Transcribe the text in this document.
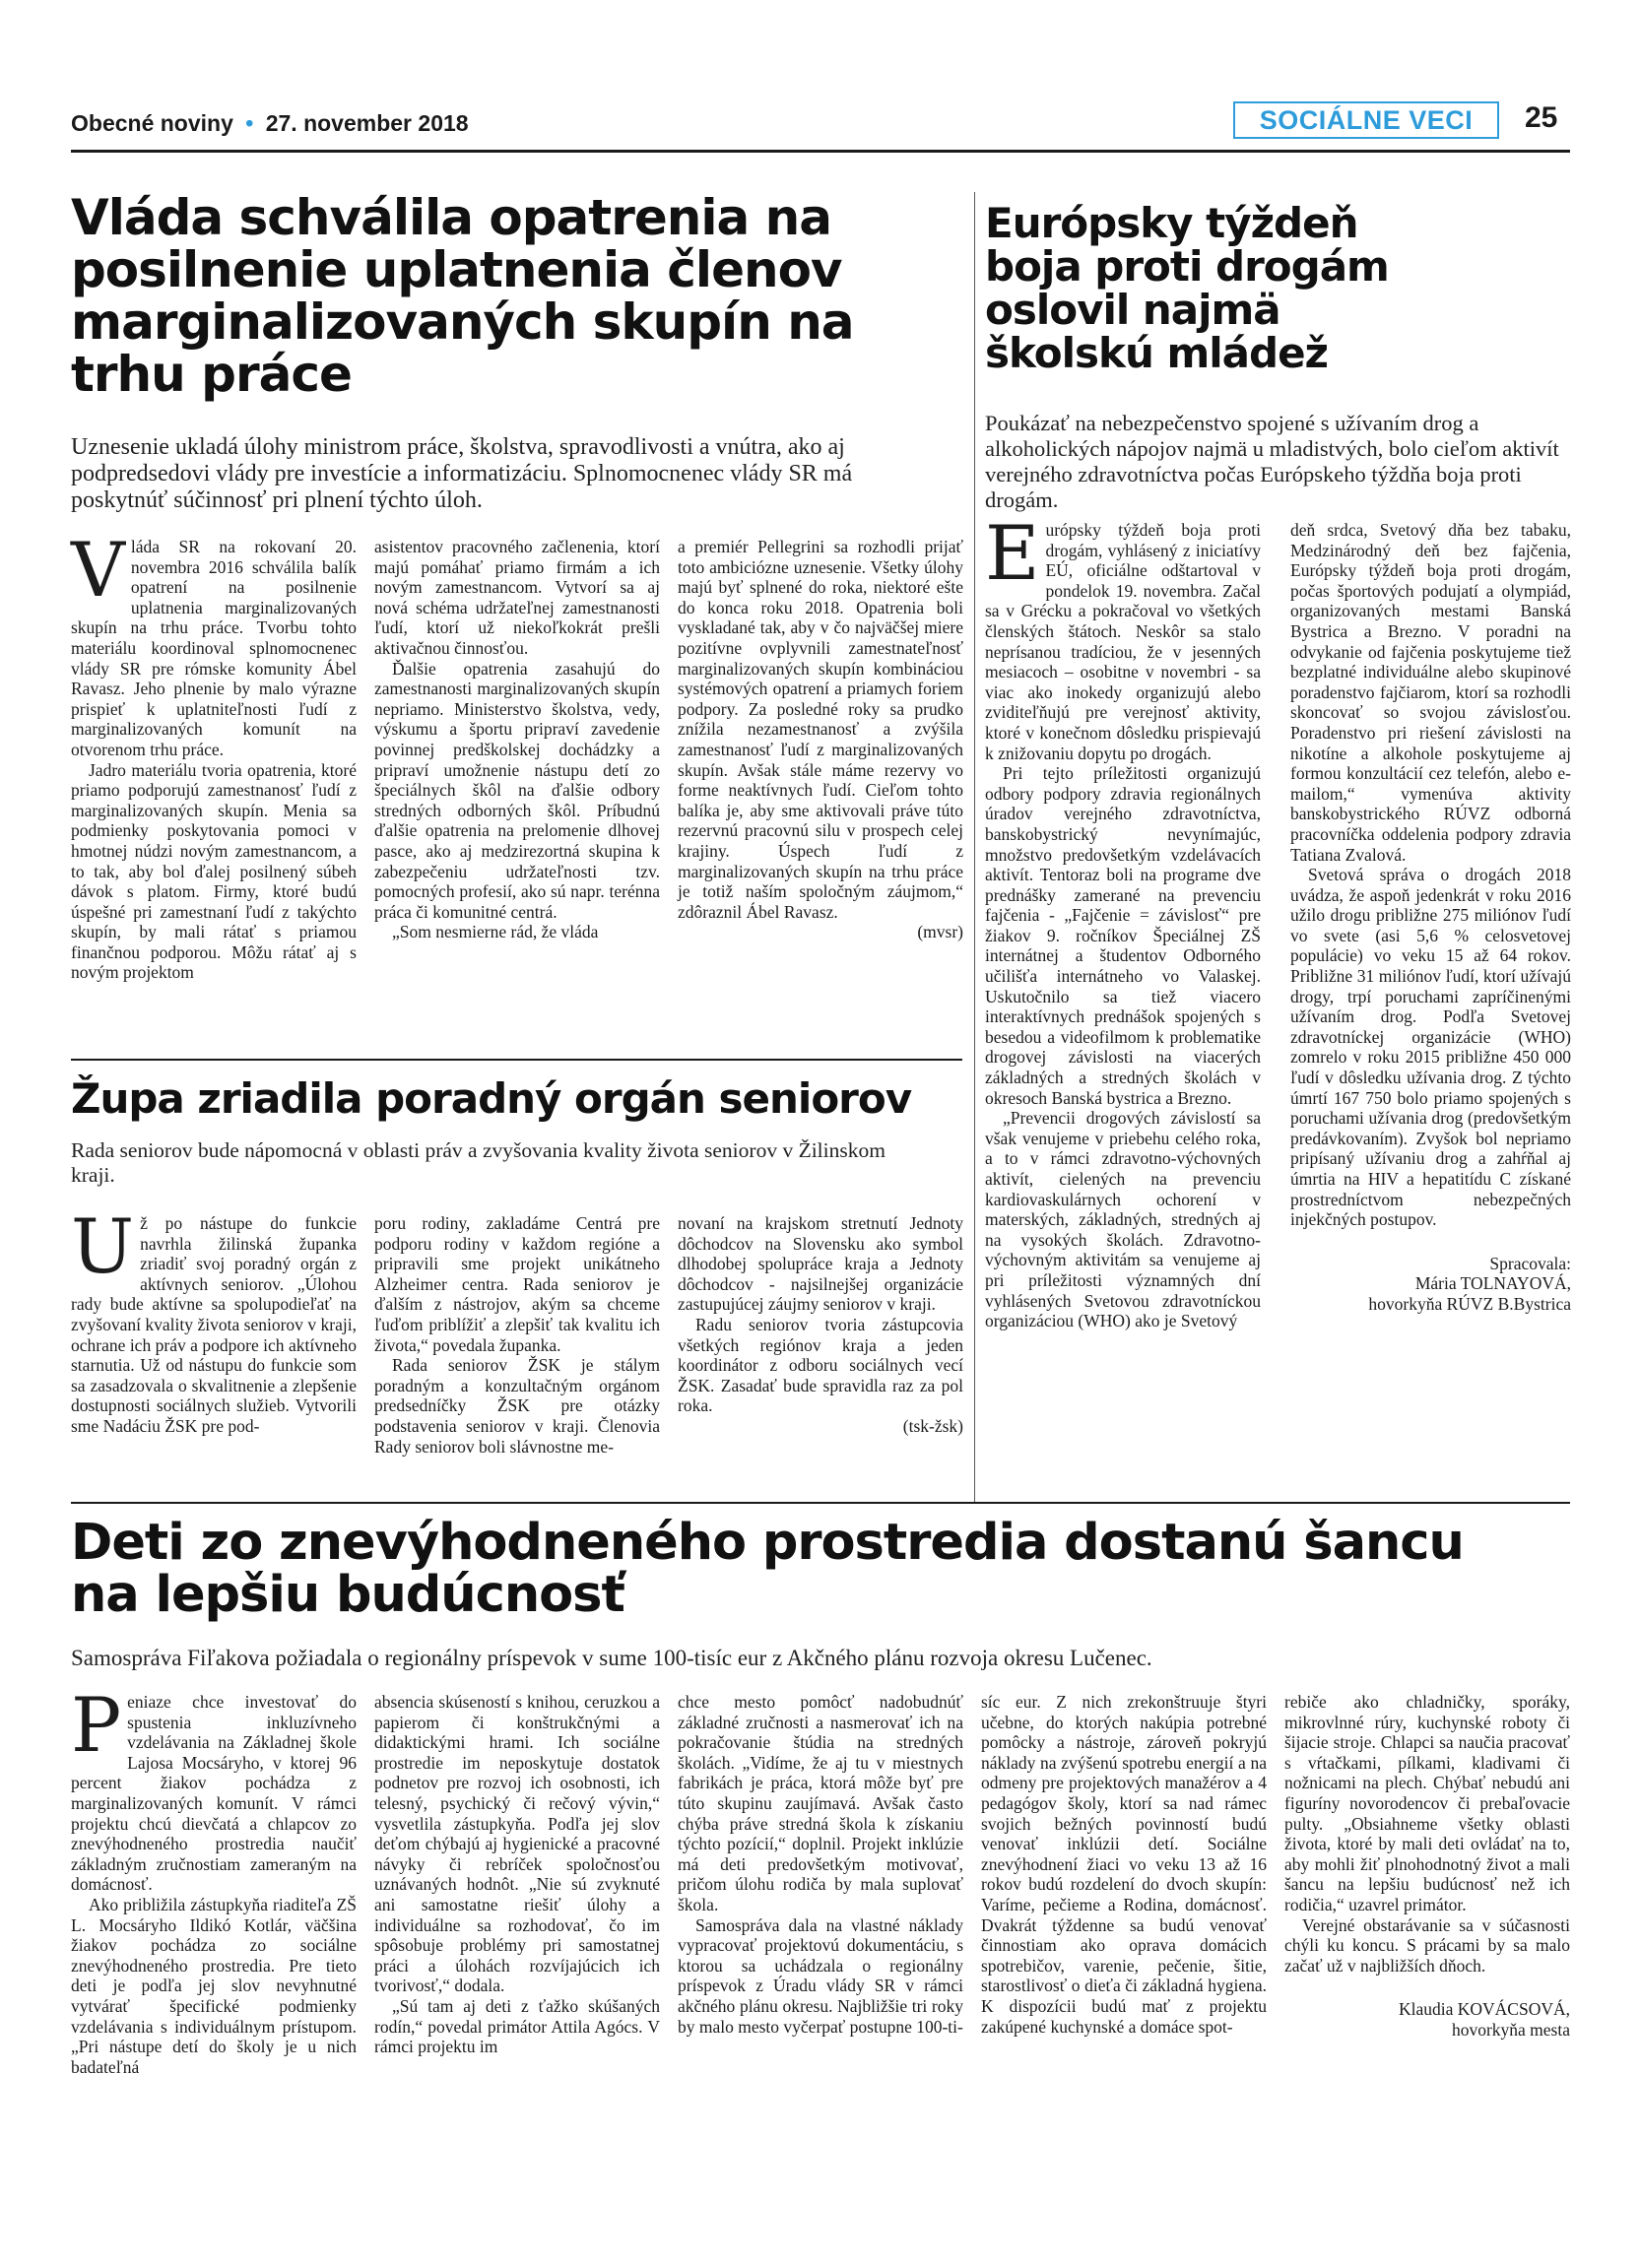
Obecné noviny • 27. november 2018	SOCIÁLNE VECI	25
Vláda schválila opatrenia na posilnenie uplatnenia členov marginalizovaných skupín na trhu práce

Uznesenie ukladá úlohy ministrom práce, školstva, spravodlivosti a vnútra, ako aj podpredsedovi vlády pre investície a informatizáciu. Splnomocnenec vlády SR má poskytnúť súčinnosť pri plnení týchto úloh.

Vláda SR na rokovaní 20. novembra 2016 schválila balík opatrení na posilnenie uplatnenia marginalizovaných skupín na trhu práce. Tvorbu tohto materiálu koordinoval splnomocnenec vlády SR pre rómske komunity Ábel Ravasz. Jeho plnenie by malo výrazne prispieť k uplatniteľnosti ľudí z marginalizovaných komunít na otvorenom trhu práce.

Jadro materiálu tvoria opatrenia, ktoré priamo podporujú zamestnanosť ľudí z marginalizovaných skupín. Menia sa podmienky poskytovania pomoci v hmotnej núdzi novým zamestnancom, a to tak, aby bol ďalej posilnený súbeh dávok s platom. Firmy, ktoré budú úspešné pri zamestnaní ľudí z takýchto skupín, by mali rátať s priamou finančnou podporou. Môžu rátať aj s novým projektom

asistentov pracovného začlenenia, ktorí majú pomáhať priamo firmám a ich novým zamestnancom. Vytvorí sa aj nová schéma udržateľnej zamestnanosti ľudí, ktorí už niekoľkokrát prešli aktivačnou činnosťou.

Ďalšie opatrenia zasahujú do zamestnanosti marginalizovaných skupín nepriamo. Ministerstvo školstva, vedy, výskumu a športu pripraví zavedenie povinnej predškolskej dochádzky a pripraví umožnenie nástupu detí zo špeciálnych škôl na ďalšie odbory stredných odborných škôl. Príbudnú ďalšie opatrenia na prelomenie dlhovej pasce, ako aj medzirezortná skupina k zabezpečeniu udržateľnosti tzv. pomocných profesií, ako sú napr. terénna práca či komunitné centrá.

„Som nesmierne rád, že vláda

a premiér Pellegrini sa rozhodli prijať toto ambiciózne uznesenie. Všetky úlohy majú byť splnené do roka, niektoré ešte do konca roku 2018. Opatrenia boli vyskladané tak, aby v čo najväčšej miere pozitívne ovplyvnili zamestnateľnosť marginalizovaných skupín kombináciou systémových opatrení a priamych foriem podpory. Za posledné roky sa prudko znížila nezamestnanosť a zvýšila zamestnanosť ľudí z marginalizovaných skupín. Avšak stále máme rezervy vo forme neaktívnych ľudí. Cieľom tohto balíka je, aby sme aktivovali práve túto rezervnú pracovnú silu v prospech celej krajiny. Úspech ľudí z marginalizovaných skupín na trhu práce je totiž naším spoločným záujmom,“ zdôraznil Ábel Ravasz.

(mvsr)

Európsky týždeň boja proti drogám oslovil najmä školskú mládež

Poukázať na nebezpečenstvo spojené s užívaním drog a alkoholických nápojov najmä u mladistvých, bolo cieľom aktivít verejného zdravotníctva počas Európskeho týždňa boja proti drogám.

Európsky týždeň boja proti drogám, vyhlásený z iniciatívy EÚ, oficiálne odštartoval v pondelok 19. novembra. Začal sa v Grécku a pokračoval vo všetkých členských štátoch. Neskôr sa stalo neprísanou tradíciou, že v jesenných mesiacoch – osobitne v novembri - sa viac ako inokedy organizujú alebo zviditeľňujú pre verejnosť aktivity, ktoré v konečnom dôsledku prispievajú k znižovaniu dopytu po drogách.

Pri tejto príležitosti organizujú odbory podpory zdravia regionálnych úradov verejného zdravotníctva, banskobystrický nevynímajúc, množstvo predovšetkým vzdelávacích aktivít. Tentoraz boli na programe dve prednášky zamerané na prevenciu fajčenia - „Fajčenie = závislosť“ pre žiakov 9. ročníkov Špeciálnej ZŠ internátnej a študentov Odborného učilišťa internátneho vo Valaskej. Uskutočnilo sa tiež viacero interaktívnych prednášok spojených s besedou a videofilmom k problematike drogovej závislosti na viacerých základných a stredných školách v okresoch Banská bystrica a Brezno.

„Prevencii drogových závislostí sa však venujeme v priebehu celého roka, a to v rámci zdravotno-výchovných aktivít, cielených na prevenciu kardiovaskulárnych ochorení v materských, základných, stredných aj na vysokých školách. Zdravotno-výchovným aktivitám sa venujeme aj pri príležitosti významných dní vyhlásených Svetovou zdravotníckou organizáciou (WHO) ako je Svetový

deň srdca, Svetový dňa bez tabaku, Medzinárodný deň bez fajčenia, Európsky týždeň boja proti drogám, počas športových podujatí a olympiád, organizovaných mestami Banská Bystrica a Brezno. V poradni na odvykanie od fajčenia poskytujeme tiež bezplatné individuálne alebo skupinové poradenstvo fajčiarom, ktorí sa rozhodli skoncovať so svojou závislosťou. Poradenstvo pri riešení závislosti na nikotíne a alkohole poskytujeme aj formou konzultácií cez telefón, alebo e-mailom,“ vymenúva aktivity banskobystrického RÚVZ odborná pracovníčka oddelenia podpory zdravia Tatiana Zvalová.

Svetová správa o drogách 2018 uvádza, že aspoň jedenkrát v roku 2016 užilo drogu približne 275 miliónov ľudí vo svete (asi 5,6 % celosvetovej populácie) vo veku 15 až 64 rokov. Približne 31 miliónov ľudí, ktorí užívajú drogy, trpí poruchami zapríčinenými užívaním drog. Podľa Svetovej zdravotníckej organizácie (WHO) zomrelo v roku 2015 približne 450 000 ľudí v dôsledku užívania drog. Z týchto úmrtí 167 750 bolo priamo spojených s poruchami užívania drog (predovšetkým predávkovaním). Zvyšok bol nepriamo pripísaný užívaniu drog a zahŕňal aj úmrtia na HIV a hepatitídu C získané prostredníctvom nebezpečných injekčných postupov.

Spracovala:
Mária TOLNAYOVÁ,
hovorkyňa RÚVZ B.Bystrica
Župa zriadila poradný orgán seniorov

Rada seniorov bude nápomocná v oblasti práv a zvyšovania kvality života seniorov v Žilinskom kraji.

Už po nástupe do funkcie navrhla žilinská županka zriadiť svoj poradný orgán z aktívnych seniorov. „Úlohou rady bude aktívne sa spolupodieľať na zvyšovaní kvality života seniorov v kraji, ochrane ich práv a podpore ich aktívneho starnutia. Už od nástupu do funkcie som sa zasadzovala o skvalitnenie a zlepšenie dostupnosti sociálnych služieb. Vytvorili sme Nadáciu ŽSK pre pod-

poru rodiny, zakladáme Centrá pre podporu rodiny v každom regióne a pripravili sme projekt unikátneho Alzheimer centra. Rada seniorov je ďalším z nástrojov, akým sa chceme ľuďom priblížiť a zlepšiť tak kvalitu ich života,“ povedala županka.

Rada seniorov ŽSK je stálym poradným a konzultačným orgánom predsedníčky ŽSK pre otázky podstavenia seniorov v kraji. Členovia Rady seniorov boli slávnostne me-

novaní na krajskom stretnutí Jednoty dôchodcov na Slovensku ako symbol dlhodobej spolupráce kraja a Jednoty dôchodcov - najsilnejšej organizácie zastupujúcej záujmy seniorov v kraji.

Radu seniorov tvoria zástupcovia všetkých regiónov kraja a jeden koordinátor z odboru sociálnych vecí ŽSK. Zasadať bude spravidla raz za pol roka.

(tsk-žsk)

Deti zo znevýhodneného prostredia dostanú šancu na lepšiu budúcnosť

Samospráva Fiľakova požiadala o regionálny príspevok v sume 100-tisíc eur z Akčného plánu rozvoja okresu Lučenec.

Peniaze chce investovať do spustenia inkluzívneho vzdelávania na Základnej škole Lajosa Mocsáryho, v ktorej 96 percent žiakov pochádza z marginalizovaných komunít. V rámci projektu chcú dievčatá a chlapcov zo znevýhodneného prostredia naučiť základným zručnostiam zameraným na domácnosť.

Ako približila zástupkyňa riaditeľa ZŠ L. Mocsáryho Ildikó Kotlár, väčšina žiakov pochádza zo sociálne znevýhodneného prostredia. Pre tieto deti je podľa jej slov nevyhnutné vytvárať špecifické podmienky vzdelávania s individuálnym prístupom. „Pri nástupe detí do školy je u nich badateľná

absencia skúseností s knihou, ceruzkou a papierom či konštrukčnými a didaktickými hrami. Ich sociálne prostredie im neposkytuje dostatok podnetov pre rozvoj ich osobnosti, ich telesný, psychický či rečový vývin,“ vysvetlila zástupkyňa. Podľa jej slov deťom chýbajú aj hygienické a pracovné návyky či rebríček spoločnosťou uznávaných hodnôt. „Nie sú zvyknuté ani samostatne riešiť úlohy a individuálne sa rozhodovať, čo im spôsobuje problémy pri samostatnej práci a úlohách rozvíjajúcich ich tvorivosť,“ dodala.

„Sú tam aj deti z ťažko skúšaných rodín,“ povedal primátor Attila Agócs. V rámci projektu im

chce mesto pomôcť nadobudnúť základné zručnosti a nasmerovať ich na pokračovanie štúdia na stredných školách. „Vidíme, že aj tu v miestnych fabrikách je práca, ktorá môže byť pre túto skupinu zaujímavá. Avšak často chýba práve stredná škola k získaniu týchto pozícií,“ doplnil. Projekt inklúzie má deti predovšetkým motivovať, pričom úlohu rodiča by mala suplovať škola.

Samospráva dala na vlastné náklady vypracovať projektovú dokumentáciu, s ktorou sa uchádzala o regionálny príspevok z Úradu vlády SR v rámci akčného plánu okresu. Najbližšie tri roky by malo mesto vyčerpať postupne 100-ti-

síc eur. Z nich zrekonštruuje štyri učebne, do ktorých nakúpia potrebné pomôcky a nástroje, zároveň pokryjú náklady na zvýšenú spotrebu energií a na odmeny pre projektových manažérov a 4 pedagógov školy, ktorí sa nad rámec svojich bežných povinností budú venovať inklúzii detí. Sociálne znevýhodnení žiaci vo veku 13 až 16 rokov budú rozdelení do dvoch skupín: Varíme, pečieme a Rodina, domácnosť. Dvakrát týždenne sa budú venovať činnostiam ako oprava domácich spotrebičov, varenie, pečenie, šitie, starostlivosť o dieťa či základná hygiena. K dispozícii budú mať z projektu zakúpené kuchynské a domáce spot-

rebiče ako chladničky, sporáky, mikrovlnné rúry, kuchynské roboty či šijacie stroje. Chlapci sa naučia pracovať s vŕtačkami, pílkami, kladivami či nožnicami na plech. Chýbať nebudú ani figuríny novorodencov či prebaľovacie pulty. „Obsiahneme všetky oblasti života, ktoré by mali deti ovládať na to, aby mohli žiť plnohodnotný život a mali šancu na lepšiu budúcnosť než ich rodičia,“ uzavrel primátor.

Verejné obstarávanie sa v súčasnosti chýli ku koncu. S prácami by sa malo začať už v najbližších dňoch.

Klaudia KOVÁCSOVÁ,
hovorkyňa mesta
